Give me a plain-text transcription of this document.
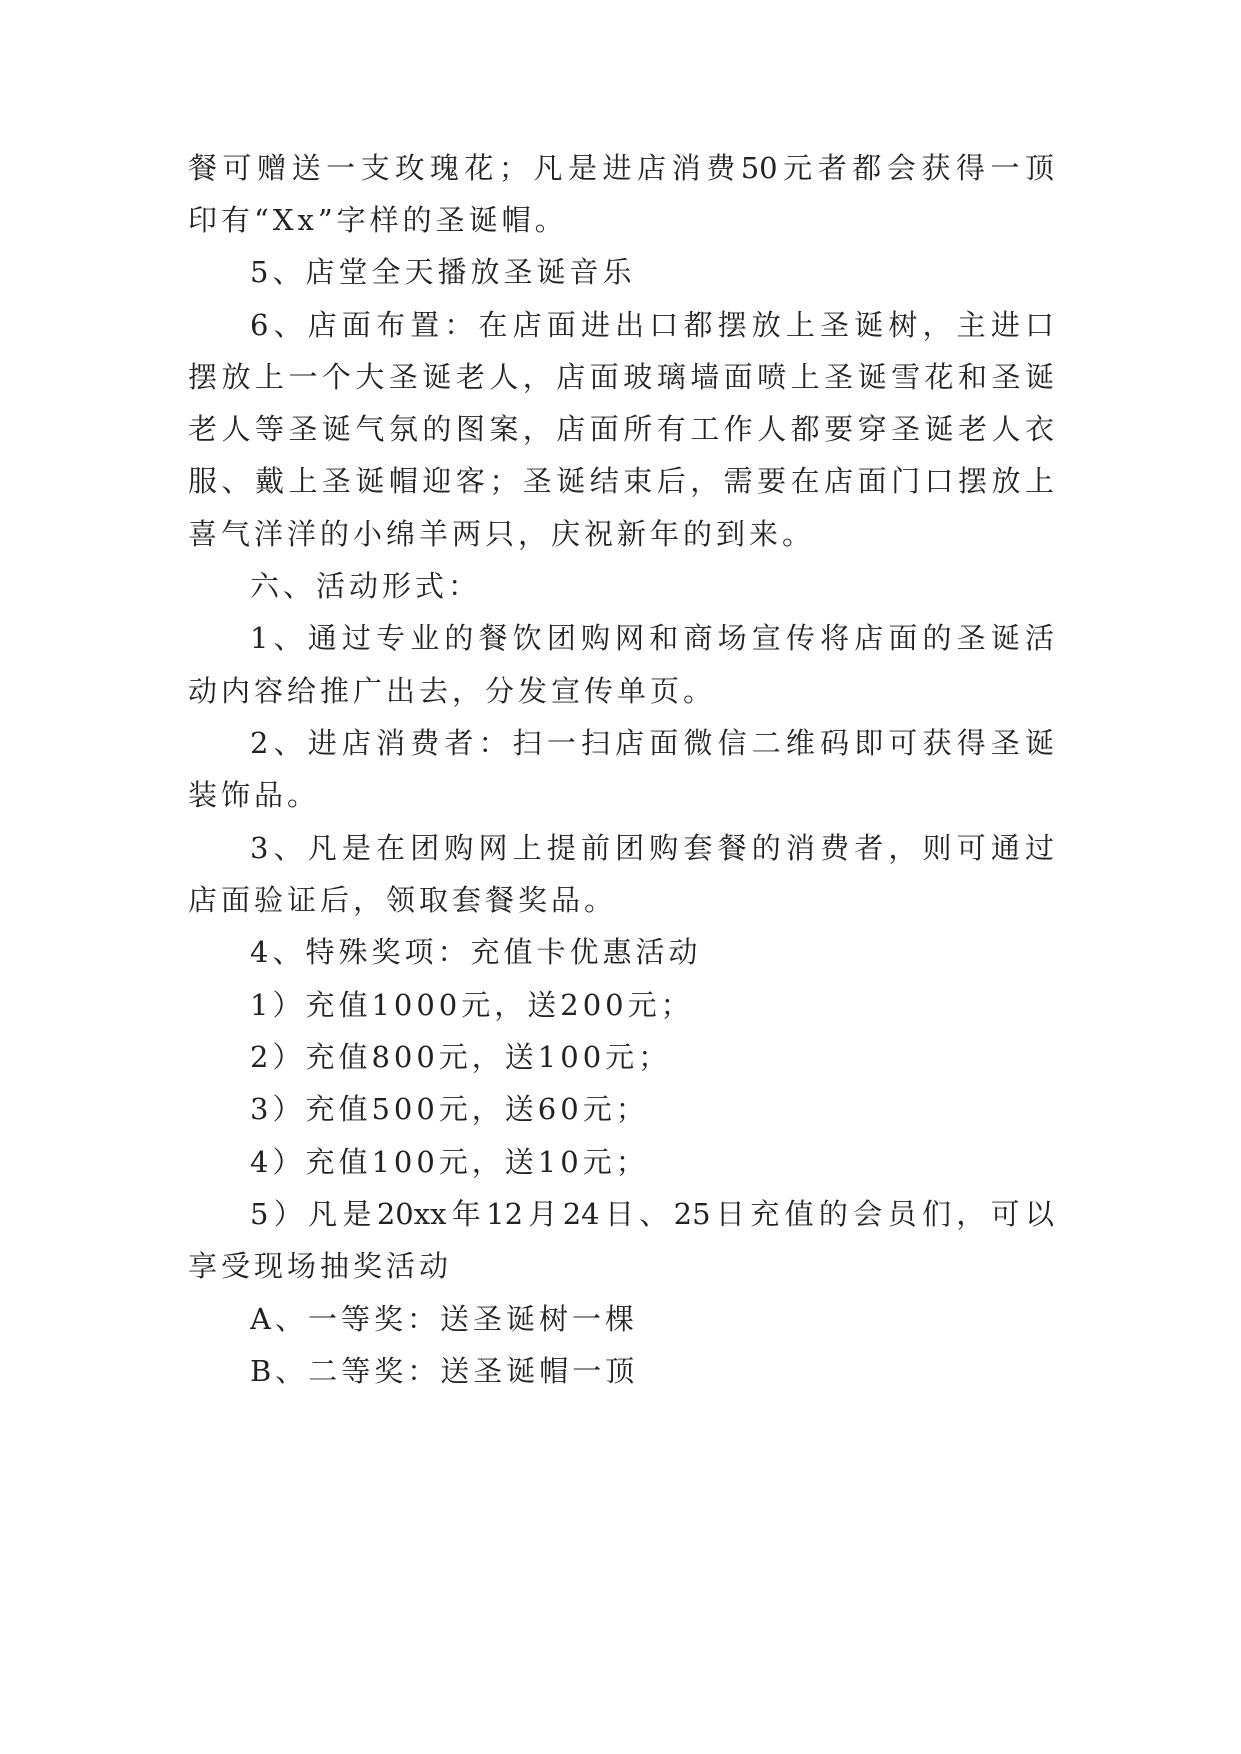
餐可赠送一支玫瑰花；凡是进店消费50元者都会获得一顶
印有“Xx”字样的圣诞帽。
5、店堂全天播放圣诞音乐
6、店面布置：在店面进出口都摆放上圣诞树，主进口
摆放上一个大圣诞老人，店面玻璃墙面喷上圣诞雪花和圣诞
老人等圣诞气氛的图案，店面所有工作人都要穿圣诞老人衣
服、戴上圣诞帽迎客；圣诞结束后，需要在店面门口摆放上
喜气洋洋的小绵羊两只，庆祝新年的到来。
六、活动形式：
1、通过专业的餐饮团购网和商场宣传将店面的圣诞活
动内容给推广出去，分发宣传单页。
2、进店消费者：扫一扫店面微信二维码即可获得圣诞
装饰品。
3、凡是在团购网上提前团购套餐的消费者，则可通过
店面验证后，领取套餐奖品。
4、特殊奖项：充值卡优惠活动
1）充值1000元，送200元；
2）充值800元，送100元；
3）充值500元，送60元；
4）充值100元，送10元；
5）凡是20xx年12月24日、25日充值的会员们，可以
享受现场抽奖活动
A、一等奖：送圣诞树一棵
B、二等奖：送圣诞帽一顶
